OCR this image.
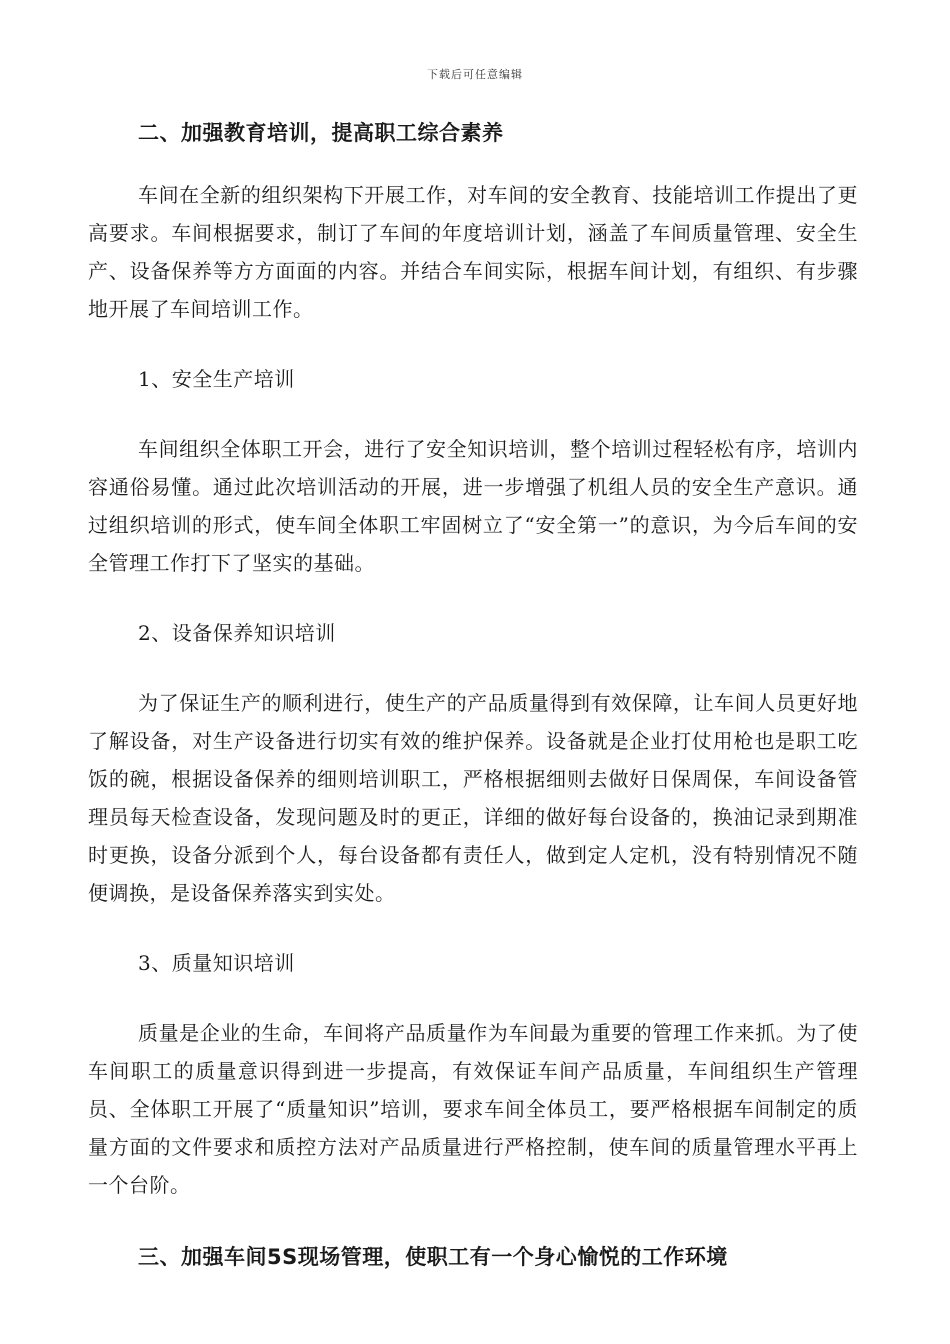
下载后可任意编辑

二、加强教育培训，提高职工综合素养

车间在全新的组织架构下开展工作，对车间的安全教育、技能培训工作提出了更高要求。车间根据要求，制订了车间的年度培训计划，涵盖了车间质量管理、安全生产、设备保养等方方面面的内容。并结合车间实际，根据车间计划，有组织、有步骤地开展了车间培训工作。

1、安全生产培训

车间组织全体职工开会，进行了安全知识培训，整个培训过程轻松有序，培训内容通俗易懂。通过此次培训活动的开展，进一步增强了机组人员的安全生产意识。通过组织培训的形式，使车间全体职工牢固树立了“安全第一”的意识，为今后车间的安全管理工作打下了坚实的基础。

2、设备保养知识培训

为了保证生产的顺利进行，使生产的产品质量得到有效保障，让车间人员更好地了解设备，对生产设备进行切实有效的维护保养。设备就是企业打仗用枪也是职工吃饭的碗，根据设备保养的细则培训职工，严格根据细则去做好日保周保，车间设备管理员每天检查设备，发现问题及时的更正，详细的做好每台设备的，换油记录到期准时更换，设备分派到个人，每台设备都有责任人，做到定人定机，没有特别情况不随便调换，是设备保养落实到实处。

3、质量知识培训

质量是企业的生命，车间将产品质量作为车间最为重要的管理工作来抓。为了使车间职工的质量意识得到进一步提高，有效保证车间产品质量，车间组织生产管理员、全体职工开展了“质量知识”培训，要求车间全体员工，要严格根据车间制定的质量方面的文件要求和质控方法对产品质量进行严格控制，使车间的质量管理水平再上一个台阶。

三、加强车间5S现场管理，使职工有一个身心愉悦的工作环境
